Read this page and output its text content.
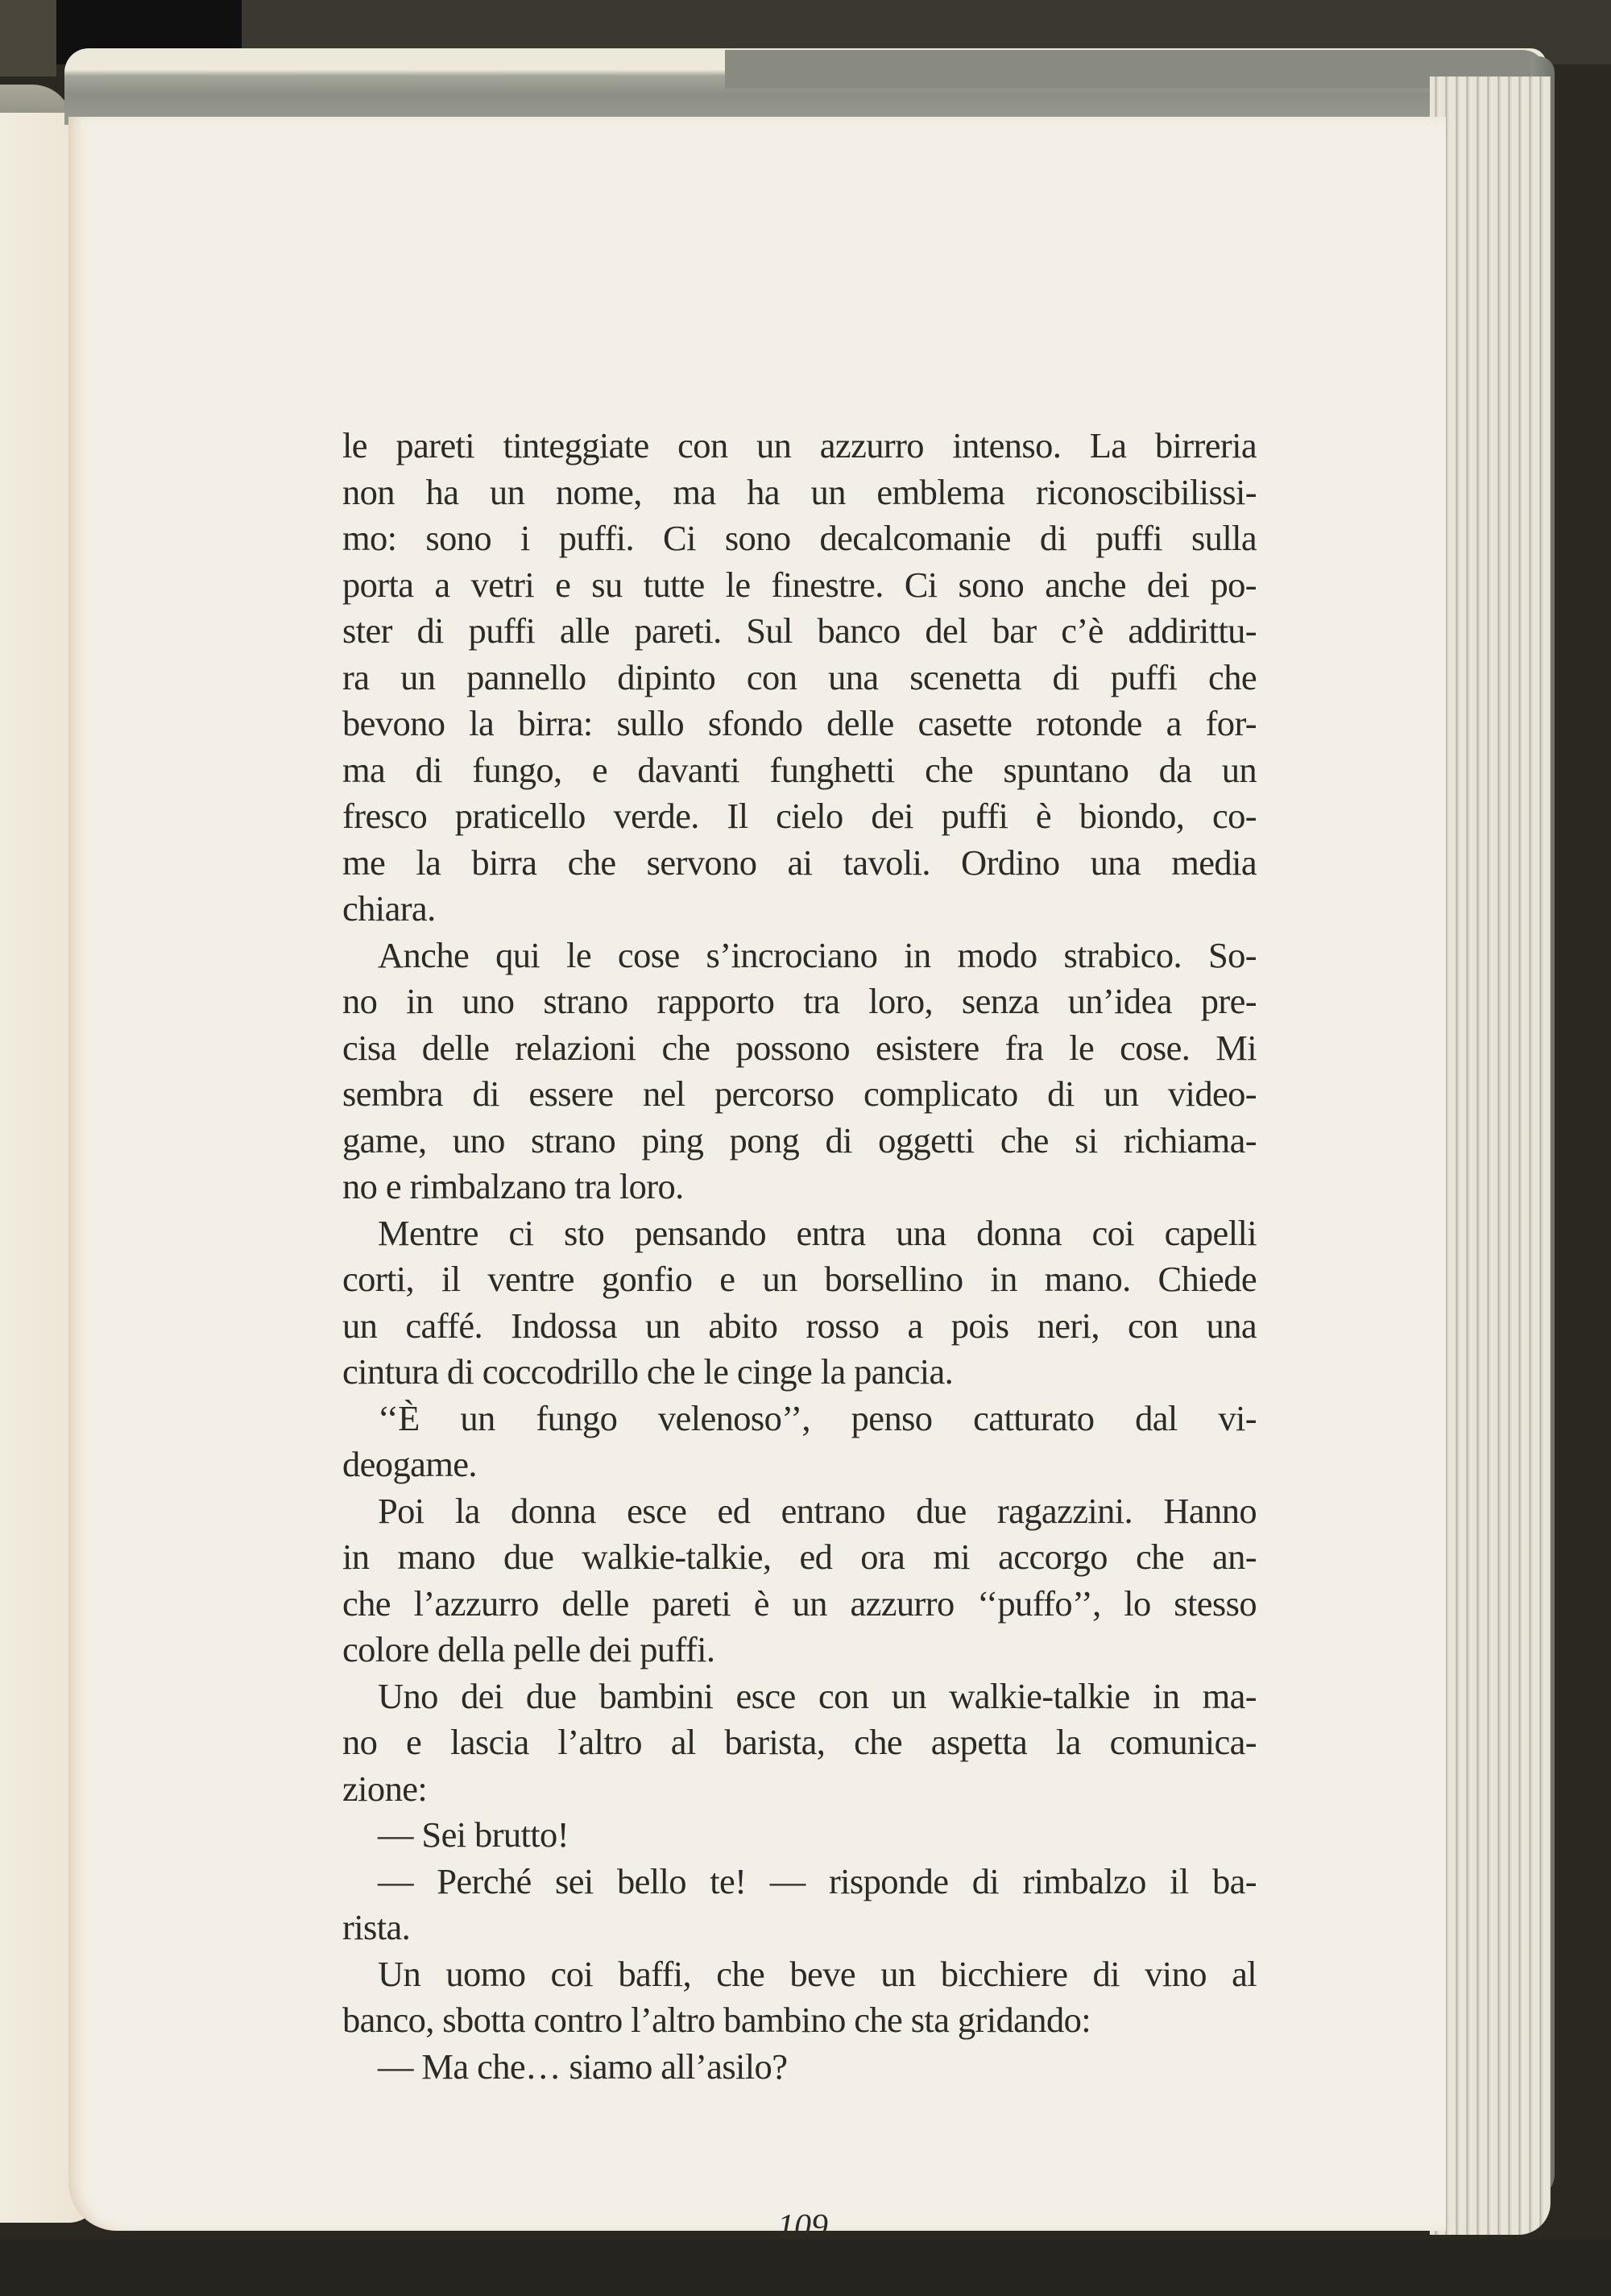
le pareti tinteggiate con un azzurro intenso. La birreria
non ha un nome, ma ha un emblema riconoscibilissi-
mo: sono i puffi. Ci sono decalcomanie di puffi sulla
porta a vetri e su tutte le finestre. Ci sono anche dei po-
ster di puffi alle pareti. Sul banco del bar c’è addirittu-
ra un pannello dipinto con una scenetta di puffi che
bevono la birra: sullo sfondo delle casette rotonde a for-
ma di fungo, e davanti funghetti che spuntano da un
fresco praticello verde. Il cielo dei puffi è biondo, co-
me la birra che servono ai tavoli. Ordino una media
chiara.
Anche qui le cose s’incrociano in modo strabico. So-
no in uno strano rapporto tra loro, senza un’idea pre-
cisa delle relazioni che possono esistere fra le cose. Mi
sembra di essere nel percorso complicato di un video-
game, uno strano ping pong di oggetti che si richiama-
no e rimbalzano tra loro.
Mentre ci sto pensando entra una donna coi capelli
corti, il ventre gonfio e un borsellino in mano. Chiede
un caffé. Indossa un abito rosso a pois neri, con una
cintura di coccodrillo che le cinge la pancia.
‘‘È un fungo velenoso’’, penso catturato dal vi-
deogame.
Poi la donna esce ed entrano due ragazzini. Hanno
in mano due walkie-talkie, ed ora mi accorgo che an-
che l’azzurro delle pareti è un azzurro ‘‘puffo’’, lo stesso
colore della pelle dei puffi.
Uno dei due bambini esce con un walkie-talkie in ma-
no e lascia l’altro al barista, che aspetta la comunica-
zione:
— Sei brutto!
— Perché sei bello te! — risponde di rimbalzo il ba-
rista.
Un uomo coi baffi, che beve un bicchiere di vino al
banco, sbotta contro l’altro bambino che sta gridando:
— Ma che… siamo all’asilo?
109
